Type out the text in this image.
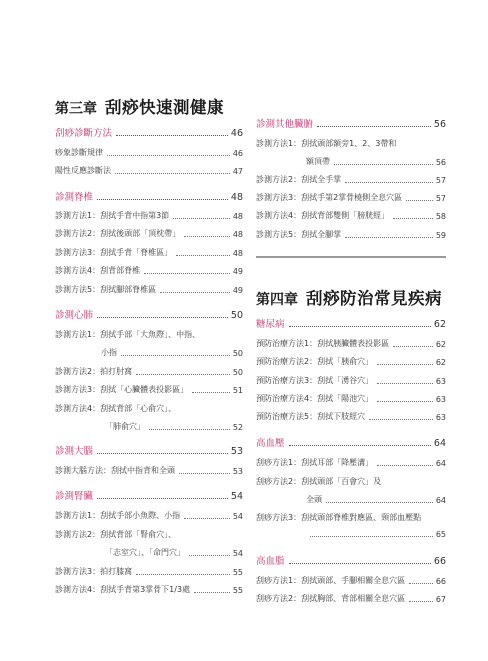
第三章 刮痧快速測健康
刮痧診斷方法	46
痧象診斷規律	46
陽性反應診斷法	47
診測脊椎	48
診測方法1：刮拭手背中指第3節	48
診測方法2：刮拭後頭部「頂枕帶」	48
診測方法3：刮拭手背「脊椎區」	48
診測方法4：刮背部脊椎	49
診測方法5：刮拭腳部脊椎區	49
診測心肺	50
診測方法1：刮拭手部「大魚際」、中指、
小指	50
診測方法2：拍打肘窩	50
診測方法3：刮拭「心臟體表投影區」	51
診測方法4：刮拭背部「心俞穴」、
「肺俞穴」	52
診測大腦	53
診測大腦方法：刮拭中指背和全頭	53
診測腎臟	54
診測方法1：刮拭手部小魚際、小指	54
診測方法2：刮拭背部「腎俞穴」、
「志室穴」、「命門穴」	54
診測方法3：拍打膝窩	55
診測方法4：刮拭手背第3掌骨下1/3處	55
診測其他臟腑	56
診測方法1：刮拭頭部額旁1、2、3帶和
額頂帶	56
診測方法2：刮拭全手掌	57
診測方法3：刮拭手第2掌骨橈側全息穴區	57
診測方法4：刮拭背部雙側「膀胱經」	58
診測方法5：刮拭全腳掌	59
第四章 刮痧防治常見疾病
糖尿病	62
預防治療方法1：刮拭胰臟體表投影區	62
預防治療方法2：刮拭「胰俞穴」	62
預防治療方法3：刮拭「湧谷穴」	63
預防治療方法4：刮拭「陽池穴」	63
預防治療方法5：刮拭下肢經穴	63
高血壓	64
刮痧方法1：刮拭耳部「降壓溝」	64
刮痧方法2：刮拭頭部「百會穴」及
全頭	64
刮痧方法3：刮拭頭部脊椎對應區、頸部血壓點
65
高血脂	66
刮痧方法1：刮拭頭部、手腳相關全息穴區	66
刮痧方法2：刮拭胸部、背部相關全息穴區	67
